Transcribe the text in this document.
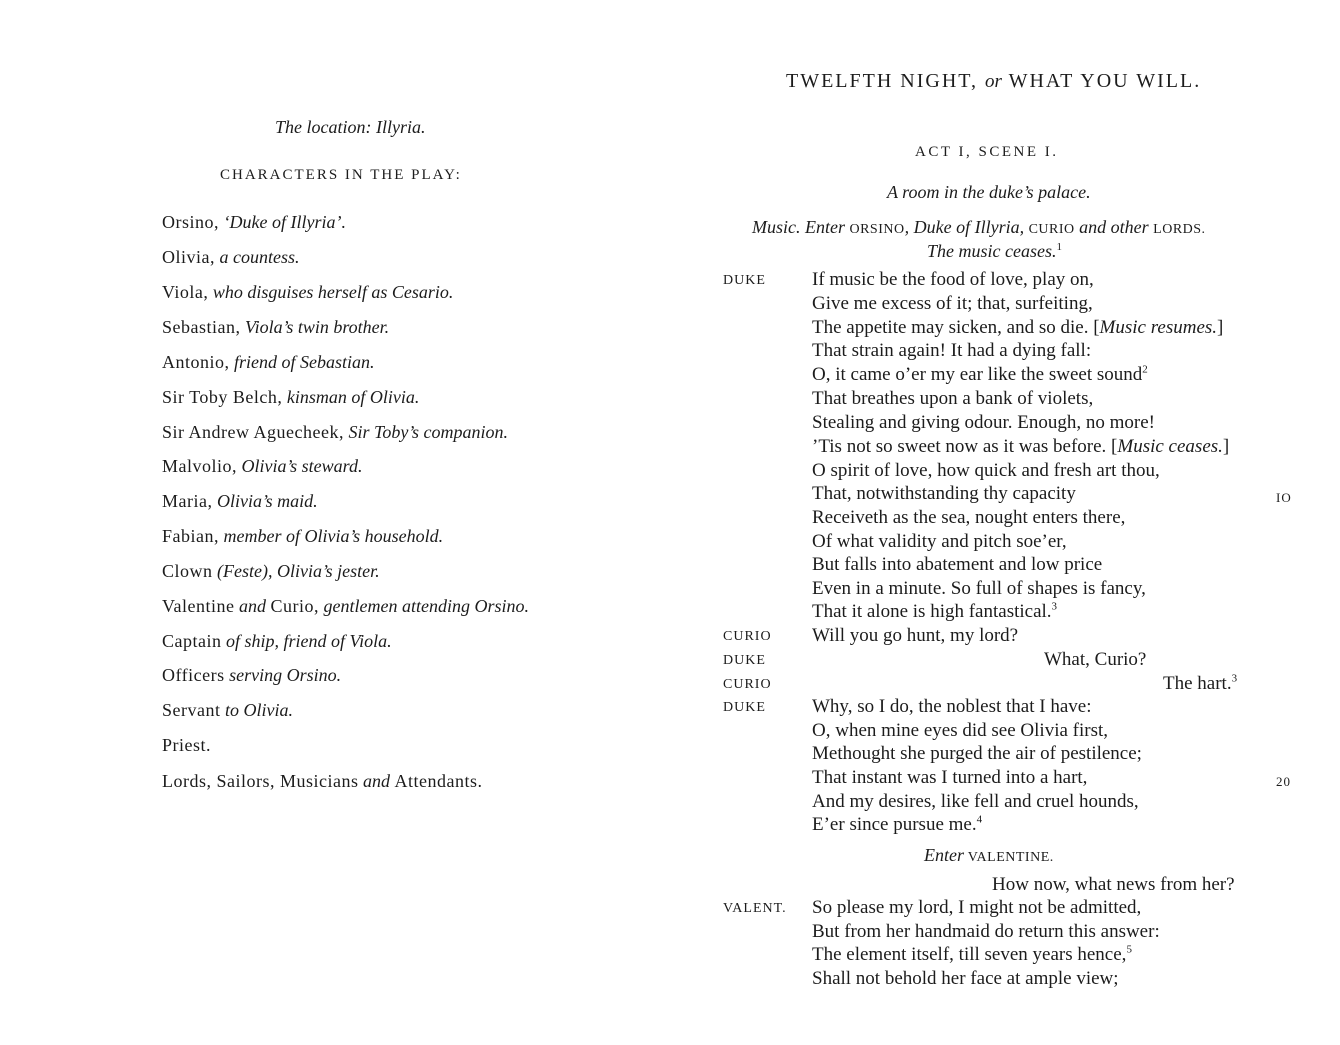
The location: Illyria.
CHARACTERS IN THE PLAY:
Orsino, ‘Duke of Illyria’.
Olivia, a countess.
Viola, who disguises herself as Cesario.
Sebastian, Viola’s twin brother.
Antonio, friend of Sebastian.
Sir Toby Belch, kinsman of Olivia.
Sir Andrew Aguecheek, Sir Toby’s companion.
Malvolio, Olivia’s steward.
Maria, Olivia’s maid.
Fabian, member of Olivia’s household.
Clown (Feste), Olivia’s jester.
Valentine and Curio, gentlemen attending Orsino.
Captain of ship, friend of Viola.
Officers serving Orsino.
Servant to Olivia.
Priest.
Lords, Sailors, Musicians and Attendants.
TWELFTH NIGHT, or WHAT YOU WILL.
ACT I, SCENE I.
A room in the duke’s palace.
Music. Enter ORSINO, Duke of Illyria, CURIO and other LORDS.
The music ceases.$^1$
DUKE
CURIO
DUKE
CURIO
DUKE
VALENT.
If music be the food of love, play on,
Give me excess of it; that, surfeiting,
The appetite may sicken, and so die. [Music resumes.]
That strain again! It had a dying fall:
O, it came o’er my ear like the sweet sound$^2$
That breathes upon a bank of violets,
Stealing and giving odour. Enough, no more!
’Tis not so sweet now as it was before. [Music ceases.]
O spirit of love, how quick and fresh art thou,
That, notwithstanding thy capacity
Receiveth as the sea, nought enters there,
Of what validity and pitch soe’er,
But falls into abatement and low price
Even in a minute. So full of shapes is fancy,
That it alone is high fantastical.$^3$
Will you go hunt, my lord?
What, Curio?
The hart.$^3$
Why, so I do, the noblest that I have:
O, when mine eyes did see Olivia first,
Methought she purged the air of pestilence;
That instant was I turned into a hart,
And my desires, like fell and cruel hounds,
E’er since pursue me.$^4$
Enter VALENTINE.
How now, what news from her?
So please my lord, I might not be admitted,
But from her handmaid do return this answer:
The element itself, till seven years hence,$^5$
Shall not behold her face at ample view;
IO
20
